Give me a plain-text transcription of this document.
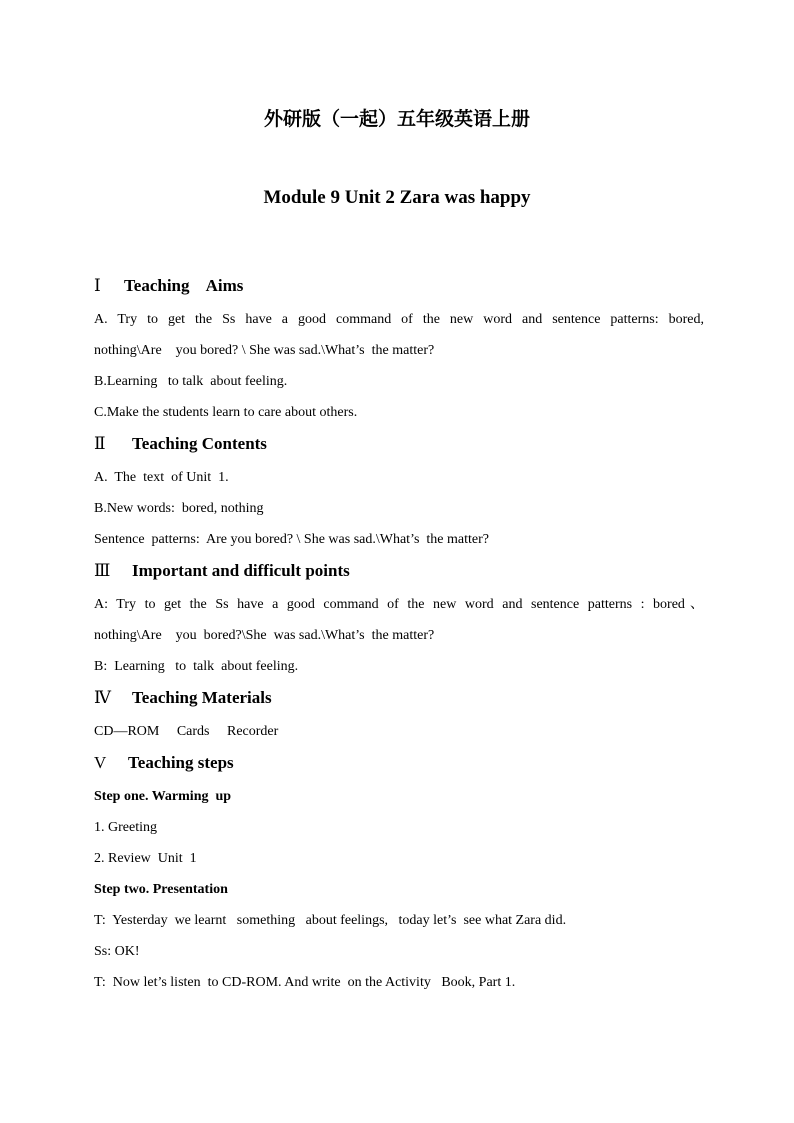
外研版（一起）五年级英语上册
Module 9 Unit 2 Zara was happy
Ⅰ Teaching    Aims
A. Try to get the Ss have a good command of the new word and sentence patterns: bored,
nothing\Are    you bored? \ She was sad.\What’s  the matter?
B.Learning   to talk  about feeling.
C.Make the students learn to care about others.
Ⅱ Teaching Contents
A.  The  text  of Unit  1.
B.New words:  bored, nothing
Sentence  patterns:  Are you bored? \ She was sad.\What’s  the matter?
Ⅲ Important and difficult points
A: Try to get the Ss have a good command of the new word and sentence patterns : bored、
nothing\Are    you  bored?\She  was sad.\What’s  the matter?
B:  Learning   to  talk  about feeling.
Ⅳ Teaching Materials
CD—ROM     Cards     Recorder
V Teaching steps
Step one. Warming  up
1. Greeting
2. Review  Unit  1
Step two. Presentation
T:  Yesterday  we learnt   something   about feelings,   today let’s  see what Zara did.
Ss: OK!
T:  Now let’s listen  to CD-ROM. And write  on the Activity   Book, Part 1.
